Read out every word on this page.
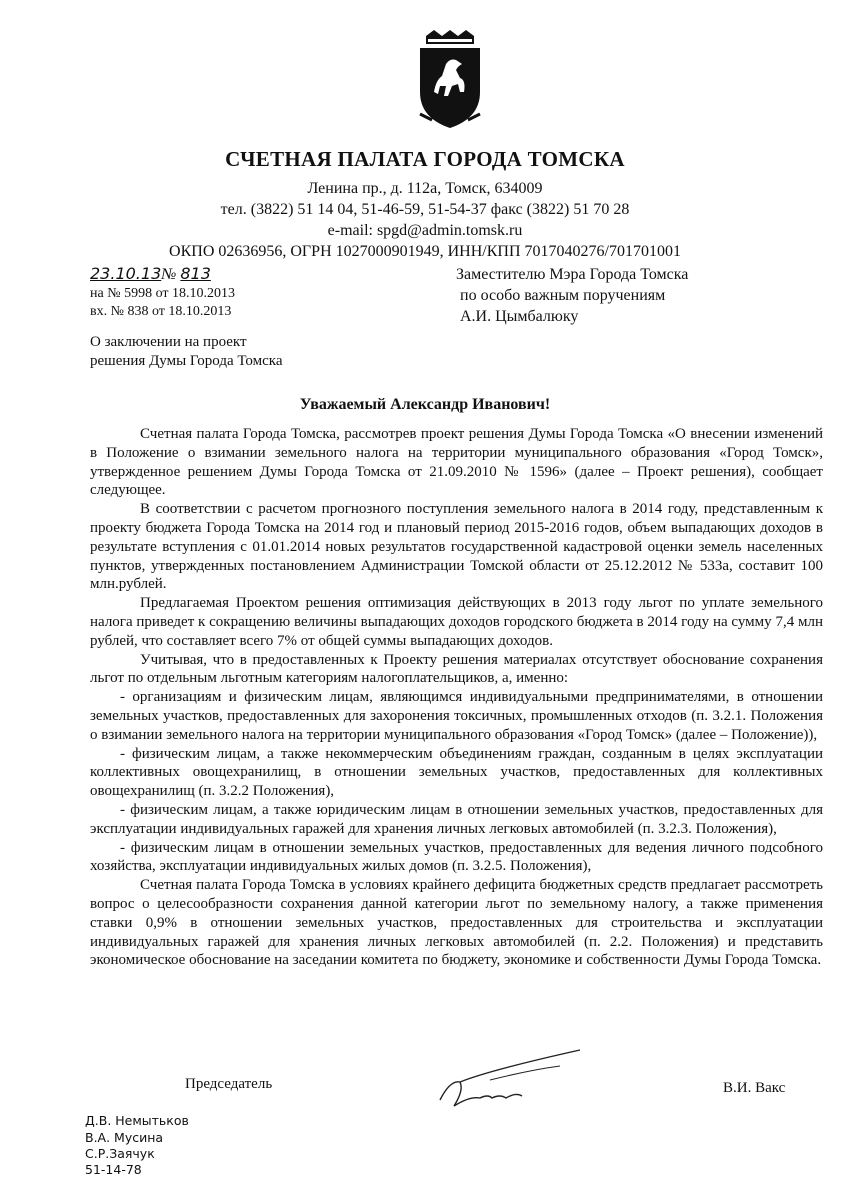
СЧЕТНАЯ ПАЛАТА ГОРОДА ТОМСКА
Ленина пр., д. 112а, Томск, 634009
тел. (3822) 51 14 04, 51-46-59, 51-54-37 факс (3822) 51 70 28
e-mail: spgd@admin.tomsk.ru
ОКПО 02636956, ОГРН 1027000901949, ИНН/КПП 7017040276/701701001
23.10.13№ 813
на № 5998 от 18.10.2013
вх. № 838 от 18.10.2013
Заместителю Мэра Города Томска
по особо важным поручениям
А.И. Цымбалюку
О заключении на проект
решения Думы Города Томска
Уважаемый Александр Иванович!

Счетная палата Города Томска, рассмотрев проект решения Думы Города Томска «О внесении изменений в Положение о взимании земельного налога на территории муниципального образования «Город Томск», утвержденное решением Думы Города Томска от 21.09.2010 № 1596» (далее – Проект решения), сообщает следующее.

В соответствии с расчетом прогнозного поступления земельного налога в 2014 году, представленным к проекту бюджета Города Томска на 2014 год и плановый период 2015-2016 годов, объем выпадающих доходов в результате вступления с 01.01.2014 новых результатов государственной кадастровой оценки земель населенных пунктов, утвержденных постановлением Администрации Томской области от 25.12.2012 № 533а, составит 100 млн.рублей.

Предлагаемая Проектом решения оптимизация действующих в 2013 году льгот по уплате земельного налога приведет к сокращению величины выпадающих доходов городского бюджета в 2014 году на сумму 7,4 млн рублей, что составляет всего 7% от общей суммы выпадающих доходов.

Учитывая, что в предоставленных к Проекту решения материалах отсутствует обоснование сохранения льгот по отдельным льготным категориям налогоплательщиков, а, именно:

- организациям и физическим лицам, являющимся индивидуальными предпринимателями, в отношении земельных участков, предоставленных для захоронения токсичных, промышленных отходов (п. 3.2.1. Положения о взимании земельного налога на территории муниципального образования «Город Томск» (далее – Положение)),

- физическим лицам, а также некоммерческим объединениям граждан, созданным в целях эксплуатации коллективных овощехранилищ, в отношении земельных участков, предоставленных для коллективных овощехранилищ (п. 3.2.2 Положения),

- физическим лицам, а также юридическим лицам в отношении земельных участков, предоставленных для эксплуатации индивидуальных гаражей для хранения личных легковых автомобилей (п. 3.2.3. Положения),

- физическим лицам в отношении земельных участков, предоставленных для ведения личного подсобного хозяйства, эксплуатации индивидуальных жилых домов (п. 3.2.5. Положения),

Счетная палата Города Томска в условиях крайнего дефицита бюджетных средств предлагает рассмотреть вопрос о целесообразности сохранения данной категории льгот по земельному налогу, а также применения ставки 0,9% в отношении земельных участков, предоставленных для строительства и эксплуатации индивидуальных гаражей для хранения личных легковых автомобилей (п. 2.2. Положения) и представить экономическое обоснование на заседании комитета по бюджету, экономике и собственности Думы Города Томска.

Председатель	В.И. Вакс
Д.В. Немытьков
В.А. Мусина
С.Р.Заячук
51-14-78
